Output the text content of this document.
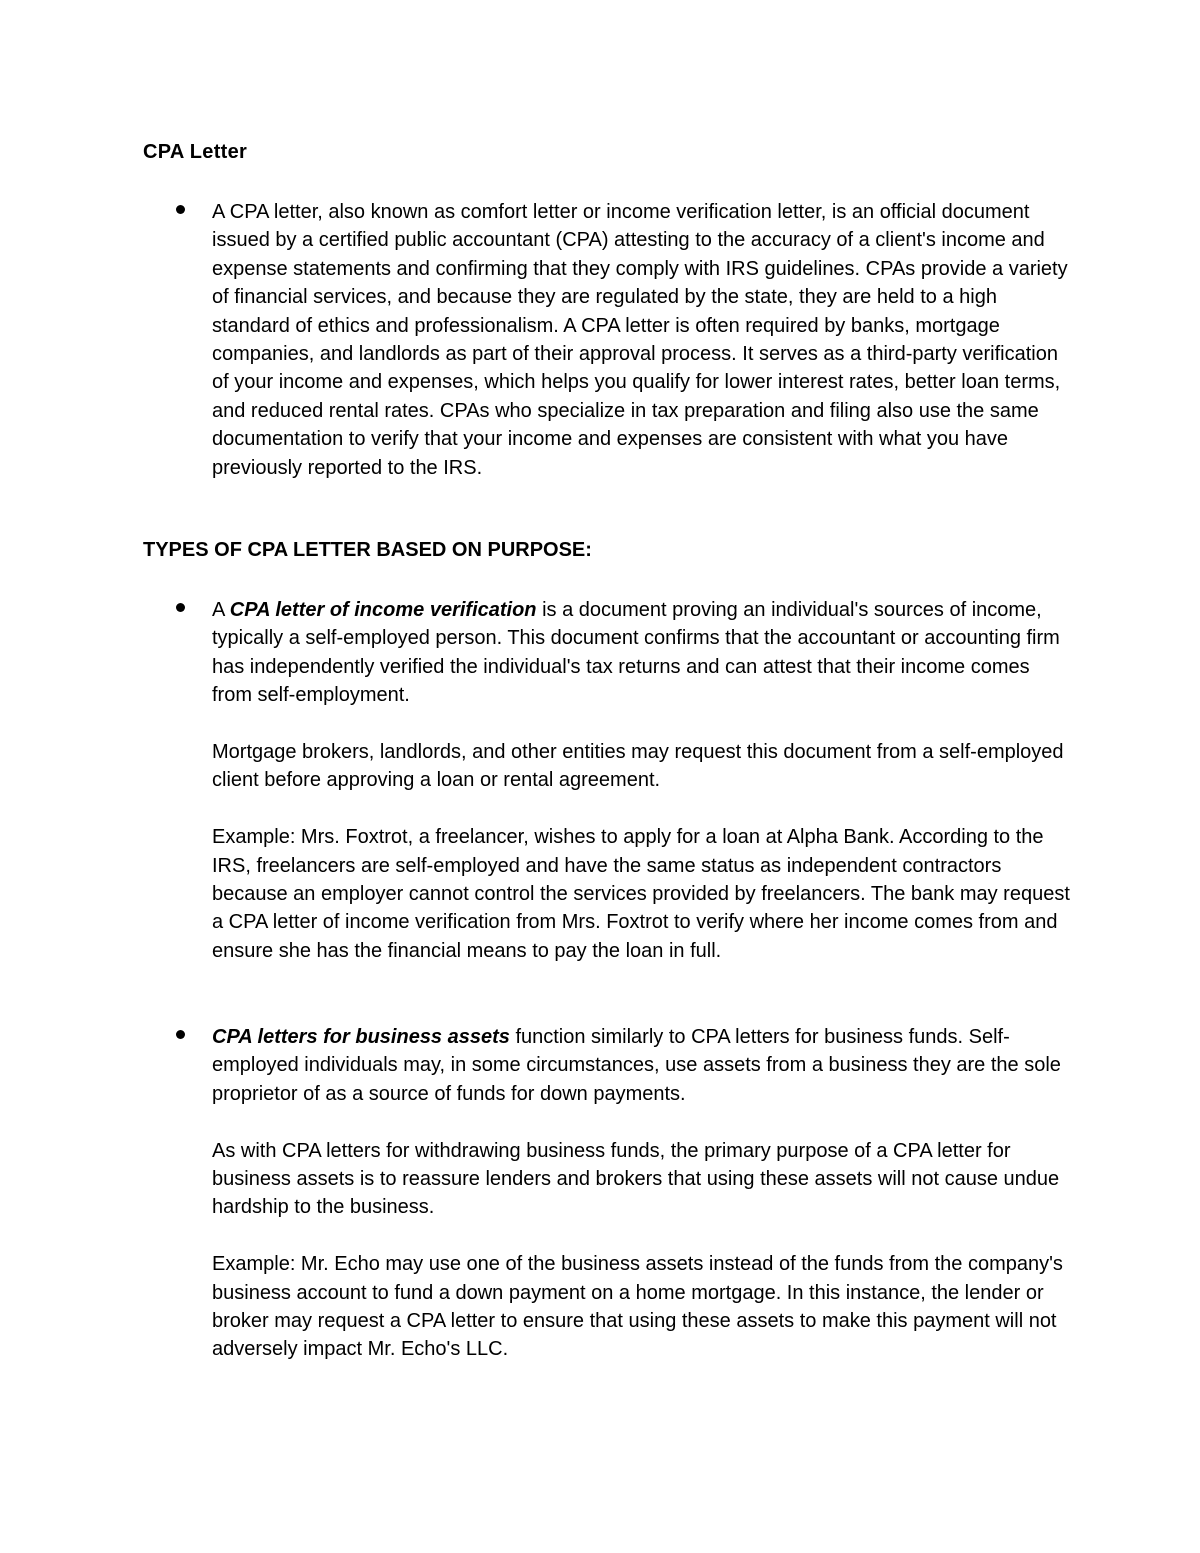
CPA Letter

A CPA letter, also known as comfort letter or income verification letter, is an official document issued by a certified public accountant (CPA) attesting to the accuracy of a client's income and expense statements and confirming that they comply with IRS guidelines. CPAs provide a variety of financial services, and because they are regulated by the state, they are held to a high standard of ethics and professionalism. A CPA letter is often required by banks, mortgage companies, and landlords as part of their approval process. It serves as a third-party verification of your income and expenses, which helps you qualify for lower interest rates, better loan terms, and reduced rental rates. CPAs who specialize in tax preparation and filing also use the same documentation to verify that your income and expenses are consistent with what you have previously reported to the IRS.

TYPES OF CPA LETTER BASED ON PURPOSE:

A CPA letter of income verification is a document proving an individual's sources of income, typically a self-employed person. This document confirms that the accountant or accounting firm has independently verified the individual's tax returns and can attest that their income comes from self-employment.

Mortgage brokers, landlords, and other entities may request this document from a self-employed client before approving a loan or rental agreement.

Example: Mrs. Foxtrot, a freelancer, wishes to apply for a loan at Alpha Bank. According to the IRS, freelancers are self-employed and have the same status as independent contractors because an employer cannot control the services provided by freelancers. The bank may request a CPA letter of income verification from Mrs. Foxtrot to verify where her income comes from and ensure she has the financial means to pay the loan in full.

CPA letters for business assets function similarly to CPA letters for business funds. Self-employed individuals may, in some circumstances, use assets from a business they are the sole proprietor of as a source of funds for down payments.

As with CPA letters for withdrawing business funds, the primary purpose of a CPA letter for business assets is to reassure lenders and brokers that using these assets will not cause undue hardship to the business.

Example: Mr. Echo may use one of the business assets instead of the funds from the company's business account to fund a down payment on a home mortgage. In this instance, the lender or broker may request a CPA letter to ensure that using these assets to make this payment will not adversely impact Mr. Echo's LLC.
